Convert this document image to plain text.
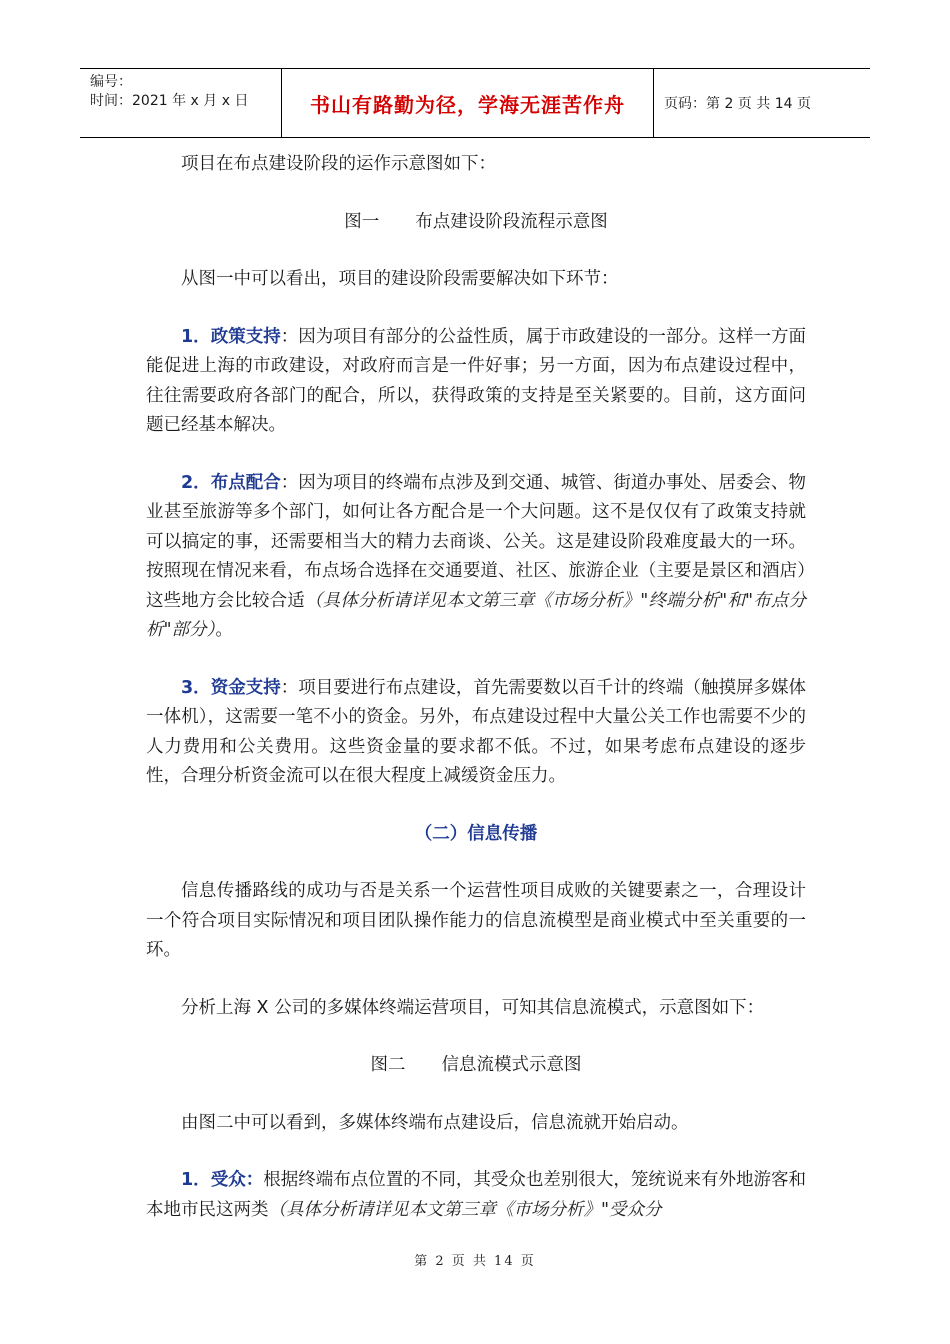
编号：
时间：2021 年 x 月 x 日	书山有路勤为径，学海无涯苦作舟	页码：第 2 页 共 14 页

项目在布点建设阶段的运作示意图如下：

图一 布点建设阶段流程示意图

从图一中可以看出，项目的建设阶段需要解决如下环节：

1．政策支持：因为项目有部分的公益性质，属于市政建设的一部分。这样一方面能促进上海的市政建设，对政府而言是一件好事；另一方面，因为布点建设过程中，往往需要政府各部门的配合，所以，获得政策的支持是至关紧要的。目前，这方面问题已经基本解决。

2．布点配合：因为项目的终端布点涉及到交通、城管、街道办事处、居委会、物业甚至旅游等多个部门，如何让各方配合是一个大问题。这不是仅仅有了政策支持就可以搞定的事，还需要相当大的精力去商谈、公关。这是建设阶段难度最大的一环。按照现在情况来看，布点场合选择在交通要道、社区、旅游企业（主要是景区和酒店）这些地方会比较合适（具体分析请详见本文第三章《市场分析》"终端分析"和"布点分析"部分）。

3．资金支持：项目要进行布点建设，首先需要数以百千计的终端（触摸屏多媒体一体机），这需要一笔不小的资金。另外，布点建设过程中大量公关工作也需要不少的人力费用和公关费用。这些资金量的要求都不低。不过，如果考虑布点建设的逐步性，合理分析资金流可以在很大程度上减缓资金压力。

（二）信息传播

信息传播路线的成功与否是关系一个运营性项目成败的关键要素之一，合理设计一个符合项目实际情况和项目团队操作能力的信息流模型是商业模式中至关重要的一环。

分析上海 X 公司的多媒体终端运营项目，可知其信息流模式，示意图如下：

图二 信息流模式示意图

由图二中可以看到，多媒体终端布点建设后，信息流就开始启动。

1．受众：根据终端布点位置的不同，其受众也差别很大，笼统说来有外地游客和本地市民这两类（具体分析请详见本文第三章《市场分析》"受众分

第 2 页 共 14 页
